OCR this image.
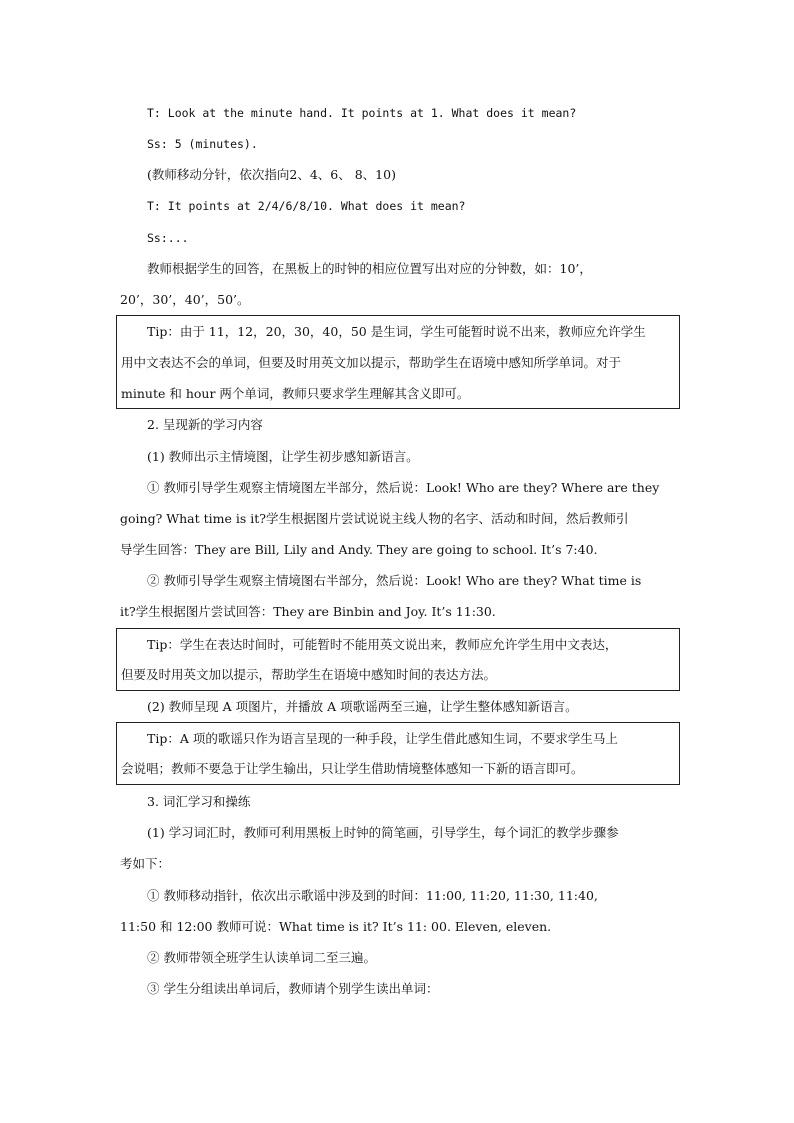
T: Look at the minute hand. It points at 1. What does it mean?
Ss: 5 (minutes).
(教师移动分针，依次指向2、4、6、 8、10)
T: It points at 2/4/6/8/10. What does it mean?
Ss:...
教师根据学生的回答，在黑板上的时钟的相应位置写出对应的分钟数，如：10’，
20’，30’，40’，50’。
Tip：由于 11，12，20，30，40，50 是生词，学生可能暂时说不出来，教师应允许学生
用中文表达不会的单词，但要及时用英文加以提示，帮助学生在语境中感知所学单词。对于
minute 和 hour 两个单词，教师只要求学生理解其含义即可。
2. 呈现新的学习内容
(1) 教师出示主情境图，让学生初步感知新语言。
① 教师引导学生观察主情境图左半部分，然后说：Look! Who are they? Where are they
going? What time is it?学生根据图片尝试说说主线人物的名字、活动和时间，然后教师引
导学生回答：They are Bill, Lily and Andy. They are going to school. It’s 7:40.
② 教师引导学生观察主情境图右半部分，然后说：Look! Who are they? What time is
it?学生根据图片尝试回答：They are Binbin and Joy. It’s 11:30.
Tip：学生在表达时间时，可能暂时不能用英文说出来，教师应允许学生用中文表达，
但要及时用英文加以提示，帮助学生在语境中感知时间的表达方法。
(2) 教师呈现 A 项图片，并播放 A 项歌谣两至三遍，让学生整体感知新语言。
Tip：A 项的歌谣只作为语言呈现的一种手段，让学生借此感知生词，不要求学生马上
会说唱；教师不要急于让学生输出，只让学生借助情境整体感知一下新的语言即可。
3. 词汇学习和操练
(1) 学习词汇时，教师可利用黑板上时钟的简笔画，引导学生，每个词汇的教学步骤参
考如下：
① 教师移动指针，依次出示歌谣中涉及到的时间：11:00, 11:20, 11:30, 11:40,
11:50 和 12:00 教师可说：What time is it? It’s 11: 00. Eleven, eleven.
② 教师带领全班学生认读单词二至三遍。
③ 学生分组读出单词后，教师请个别学生读出单词：
